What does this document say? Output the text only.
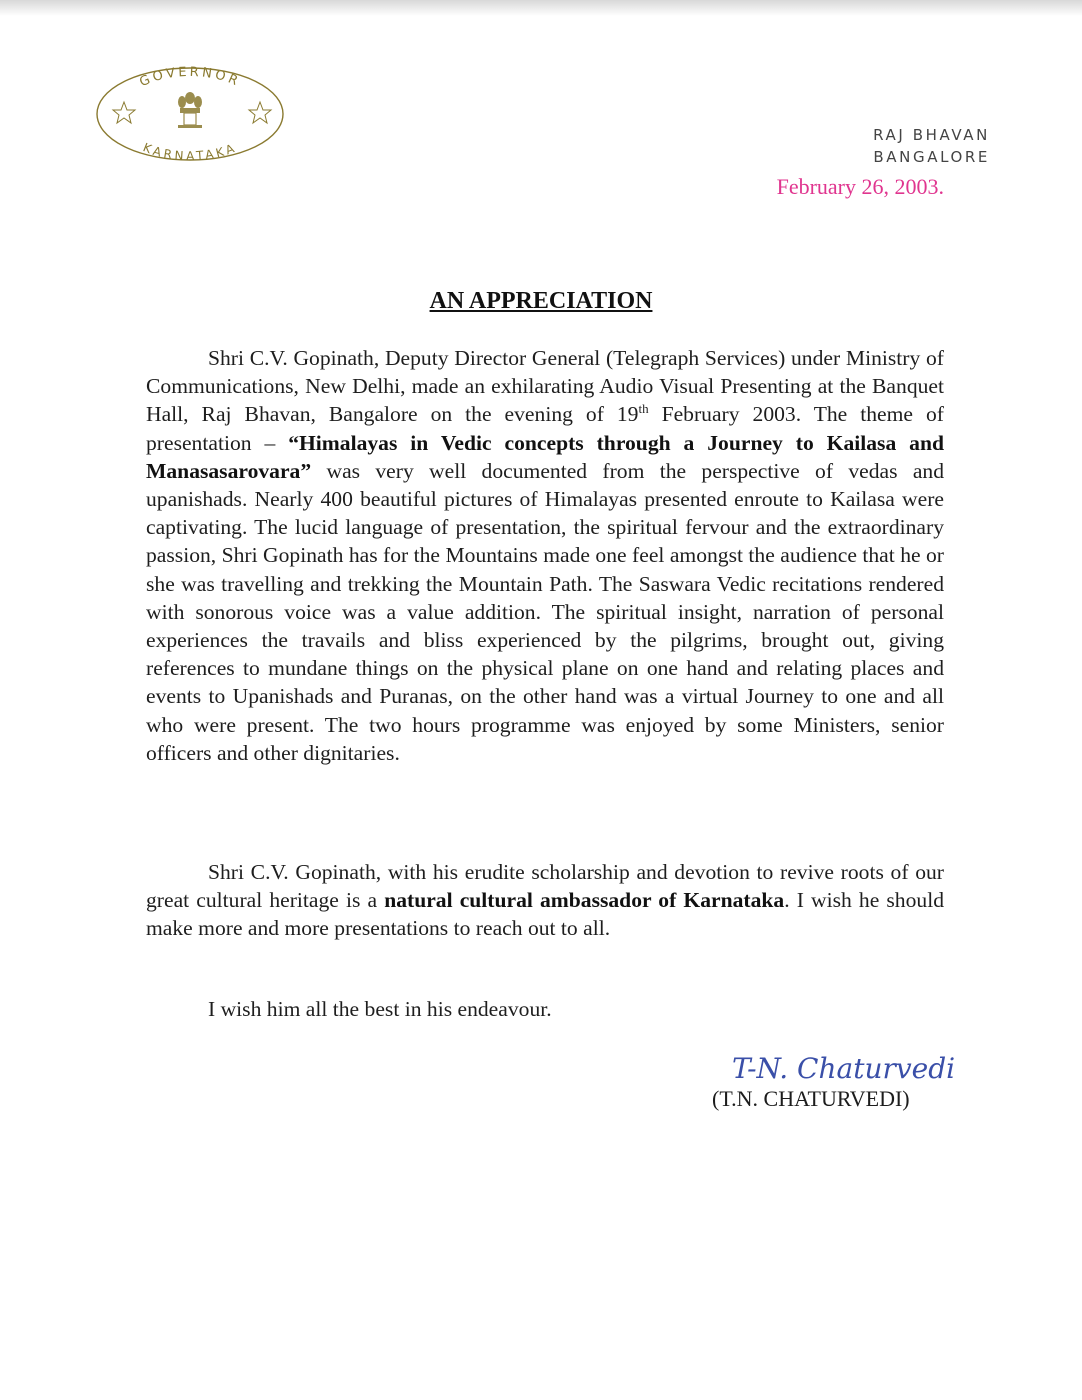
GOVERNOR
KARNATAKA
RAJ BHAVAN
BANGALORE
February 26, 2003.
AN APPRECIATION

Shri C.V. Gopinath, Deputy Director General (Telegraph Services) under Ministry of Communications, New Delhi, made an exhilarating Audio Visual Presenting at the Banquet Hall, Raj Bhavan, Bangalore on the evening of 19th February 2003. The theme of presentation – “Himalayas in Vedic concepts through a Journey to Kailasa and Manasasarovara” was very well documented from the perspective of vedas and upanishads. Nearly 400 beautiful pictures of Himalayas presented enroute to Kailasa were captivating. The lucid language of presentation, the spiritual fervour and the extraordinary passion, Shri Gopinath has for the Mountains made one feel amongst the audience that he or she was travelling and trekking the Mountain Path. The Saswara Vedic recitations rendered with sonorous voice was a value addition. The spiritual insight, narration of personal experiences the travails and bliss experienced by the pilgrims, brought out, giving references to mundane things on the physical plane on one hand and relating places and events to Upanishads and Puranas, on the other hand was a virtual Journey to one and all who were present. The two hours programme was enjoyed by some Ministers, senior officers and other dignitaries.

Shri C.V. Gopinath, with his erudite scholarship and devotion to revive roots of our great cultural heritage is a natural cultural ambassador of Karnataka. I wish he should make more and more presentations to reach out to all.

I wish him all the best in his endeavour.

T-N. Chaturvedi
(T.N. CHATURVEDI)
